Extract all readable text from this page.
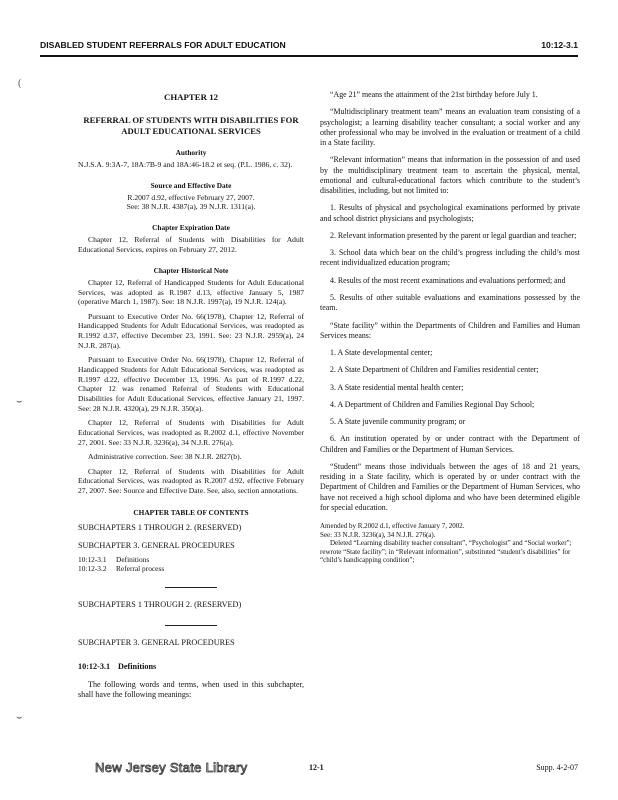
DISABLED STUDENT REFERRALS FOR ADULT EDUCATION	10:12-3.1
(
⌣
⌣
CHAPTER 12
REFERRAL OF STUDENTS WITH DISABILITIES FOR ADULT EDUCATIONAL SERVICES
Authority
N.J.S.A. 9:3A-7, 18A:7B-9 and 18A:46-18.2 et seq. (P.L. 1986, c. 32).
Source and Effective Date
R.2007 d.92, effective February 27, 2007.
See: 38 N.J.R. 4387(a), 39 N.J.R. 1311(a).
Chapter Expiration Date
Chapter 12, Referral of Students with Disabilities for Adult Educational Services, expires on February 27, 2012.
Chapter Historical Note
Chapter 12, Referral of Handicapped Students for Adult Educational Services, was adopted as R.1987 d.13, effective January 5, 1987 (operative March 1, 1987). See: 18 N.J.R. 1997(a), 19 N.J.R. 124(a).
Pursuant to Executive Order No. 66(1978), Chapter 12, Referral of Handicapped Students for Adult Educational Services, was readopted as R.1992 d.37, effective December 23, 1991. See: 23 N.J.R. 2959(a), 24 N.J.R. 287(a).
Pursuant to Executive Order No. 66(1978), Chapter 12, Referral of Handicapped Students for Adult Educational Services, was readopted as R.1997 d.22, effective December 13, 1996. As part of R.1997 d.22, Chapter 12 was renamed Referral of Students with Educational Disabilities for Adult Educational Services, effective January 21, 1997. See: 28 N.J.R. 4320(a), 29 N.J.R. 350(a).
Chapter 12, Referral of Students with Disabilities for Adult Educational Services, was readopted as R.2002 d.1, effective November 27, 2001. See: 33 N.J.R. 3236(a), 34 N.J.R. 276(a).
Administrative correction. See: 38 N.J.R. 2827(b).
Chapter 12, Referral of Students with Disabilities for Adult Educational Services, was readopted as R.2007 d.92, effective February 27, 2007. See: Source and Effective Date. See, also, section annotations.
CHAPTER TABLE OF CONTENTS
SUBCHAPTERS 1 THROUGH 2. (RESERVED)
SUBCHAPTER 3. GENERAL PROCEDURES
10:12-3.1 Definitions
10:12-3.2 Referral process
SUBCHAPTERS 1 THROUGH 2. (RESERVED)
SUBCHAPTER 3. GENERAL PROCEDURES
10:12-3.1 Definitions
The following words and terms, when used in this subchapter, shall have the following meanings:
“Age 21” means the attainment of the 21st birthday before July 1.
“Multidisciplinary treatment team” means an evaluation team consisting of a psychologist; a learning disability teacher consultant; a social worker and any other professional who may be involved in the evaluation or treatment of a child in a State facility.
“Relevant information” means that information in the possession of and used by the multidisciplinary treatment team to ascertain the physical, mental, emotional and cultural-educational factors which contribute to the student’s disabilities, including, but not limited to:
1. Results of physical and psychological examinations performed by private and school district physicians and psychologists;
2. Relevant information presented by the parent or legal guardian and teacher;
3. School data which bear on the child’s progress including the child’s most recent individualized education program;
4. Results of the most recent examinations and evaluations performed; and
5. Results of other suitable evaluations and examinations possessed by the team.
“State facility” within the Departments of Children and Families and Human Services means:
1. A State developmental center;
2. A State Department of Children and Families residential center;
3. A State residential mental health center;
4. A Department of Children and Families Regional Day School;
5. A State juvenile community program; or
6. An institution operated by or under contract with the Department of Children and Families or the Department of Human Services.
“Student” means those individuals between the ages of 18 and 21 years, residing in a State facility, which is operated by or under contract with the Department of Children and Families or the Department of Human Services, who have not received a high school diploma and who have been determined eligible for special education.
Amended by R.2002 d.1, effective January 7, 2002.
See: 33 N.J.R. 3236(a), 34 N.J.R. 276(a).
Deleted “Learning disability teacher consultant”, “Psychologist” and “Social worker”; rewrote “State facility”; in “Relevant information”, substituted “student’s disabilities” for “child’s handicapping condition”;
New Jersey State Library	12-1	Supp. 4-2-07
